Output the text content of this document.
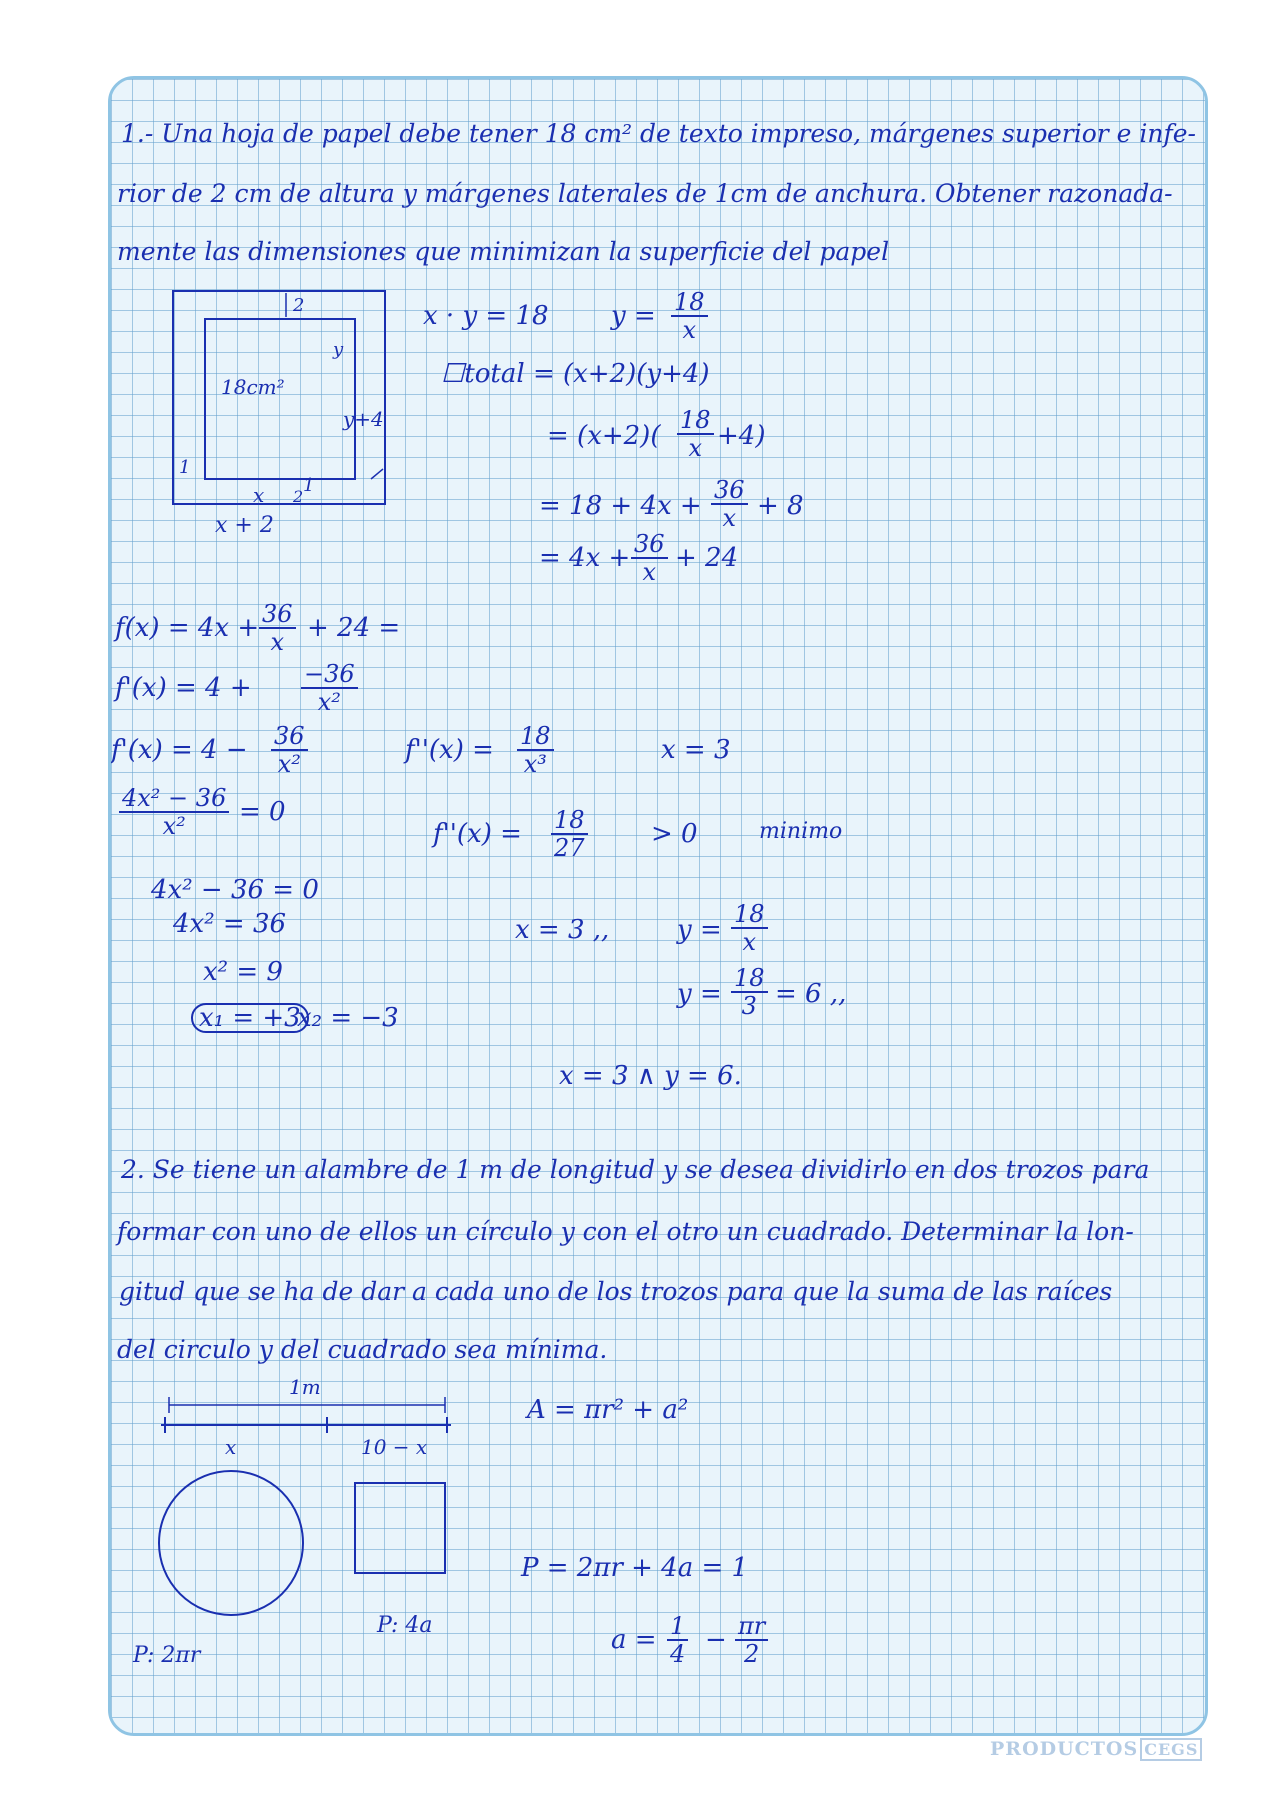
1.- Una hoja de papel debe tener 18 cm² de texto impreso, márgenes superior e infe-
rior de 2 cm de altura y márgenes laterales de 1cm de anchura. Obtener razonada-
mente las dimensiones que minimizan la superficie del papel
2
18cm²
y
y+4
1
1
x 2
x + 2
x · y = 18 $y = \frac{18}{x}$
☐total = (x+2)(y+4)
= $(x+2)( \frac{18}{x} +4)$
= $18 + 4x + \frac{36}{x} + 8$
= $4x + \frac{36}{x} + 24$
$f(x) = 4x + \frac{36}{x} + 24$ =
$f'(x) = 4 + \frac{-36}{\text{x²}}$
$f'(x) = 4 - \frac{36}{\text{x²}}$
$\frac{\text{4x² − 36}}{\text{x²}} = 0$
4x² − 36 = 0
4x² = 36
x² = 9
x₁ = +3
x₂ = −3
$f''(x) = \frac{18}{\text{x³}}$	x = 3
$f''(x) = \frac{18}{27} > 0$	minimo
x = 3 ,,	$y = \frac{18}{x}$
$y = \frac{18}{3} = 6$ ,,
x = 3 ∧ y = 6.
2. Se tiene un alambre de 1 m de longitud y se desea dividirlo en dos trozos para
formar con uno de ellos un círculo y con el otro un cuadrado. Determinar la lon-
gitud que se ha de dar a cada uno de los trozos para que la suma de las raíces
del circulo y del cuadrado sea mínima.
1m
x	10 − x
P: 2πr
P: 4a
A = πr² + a²
P = 2πr + 4a = 1
$a = \frac{1}{4} - \frac{\pi r}{2}$
PRODUCTOS CEGS
